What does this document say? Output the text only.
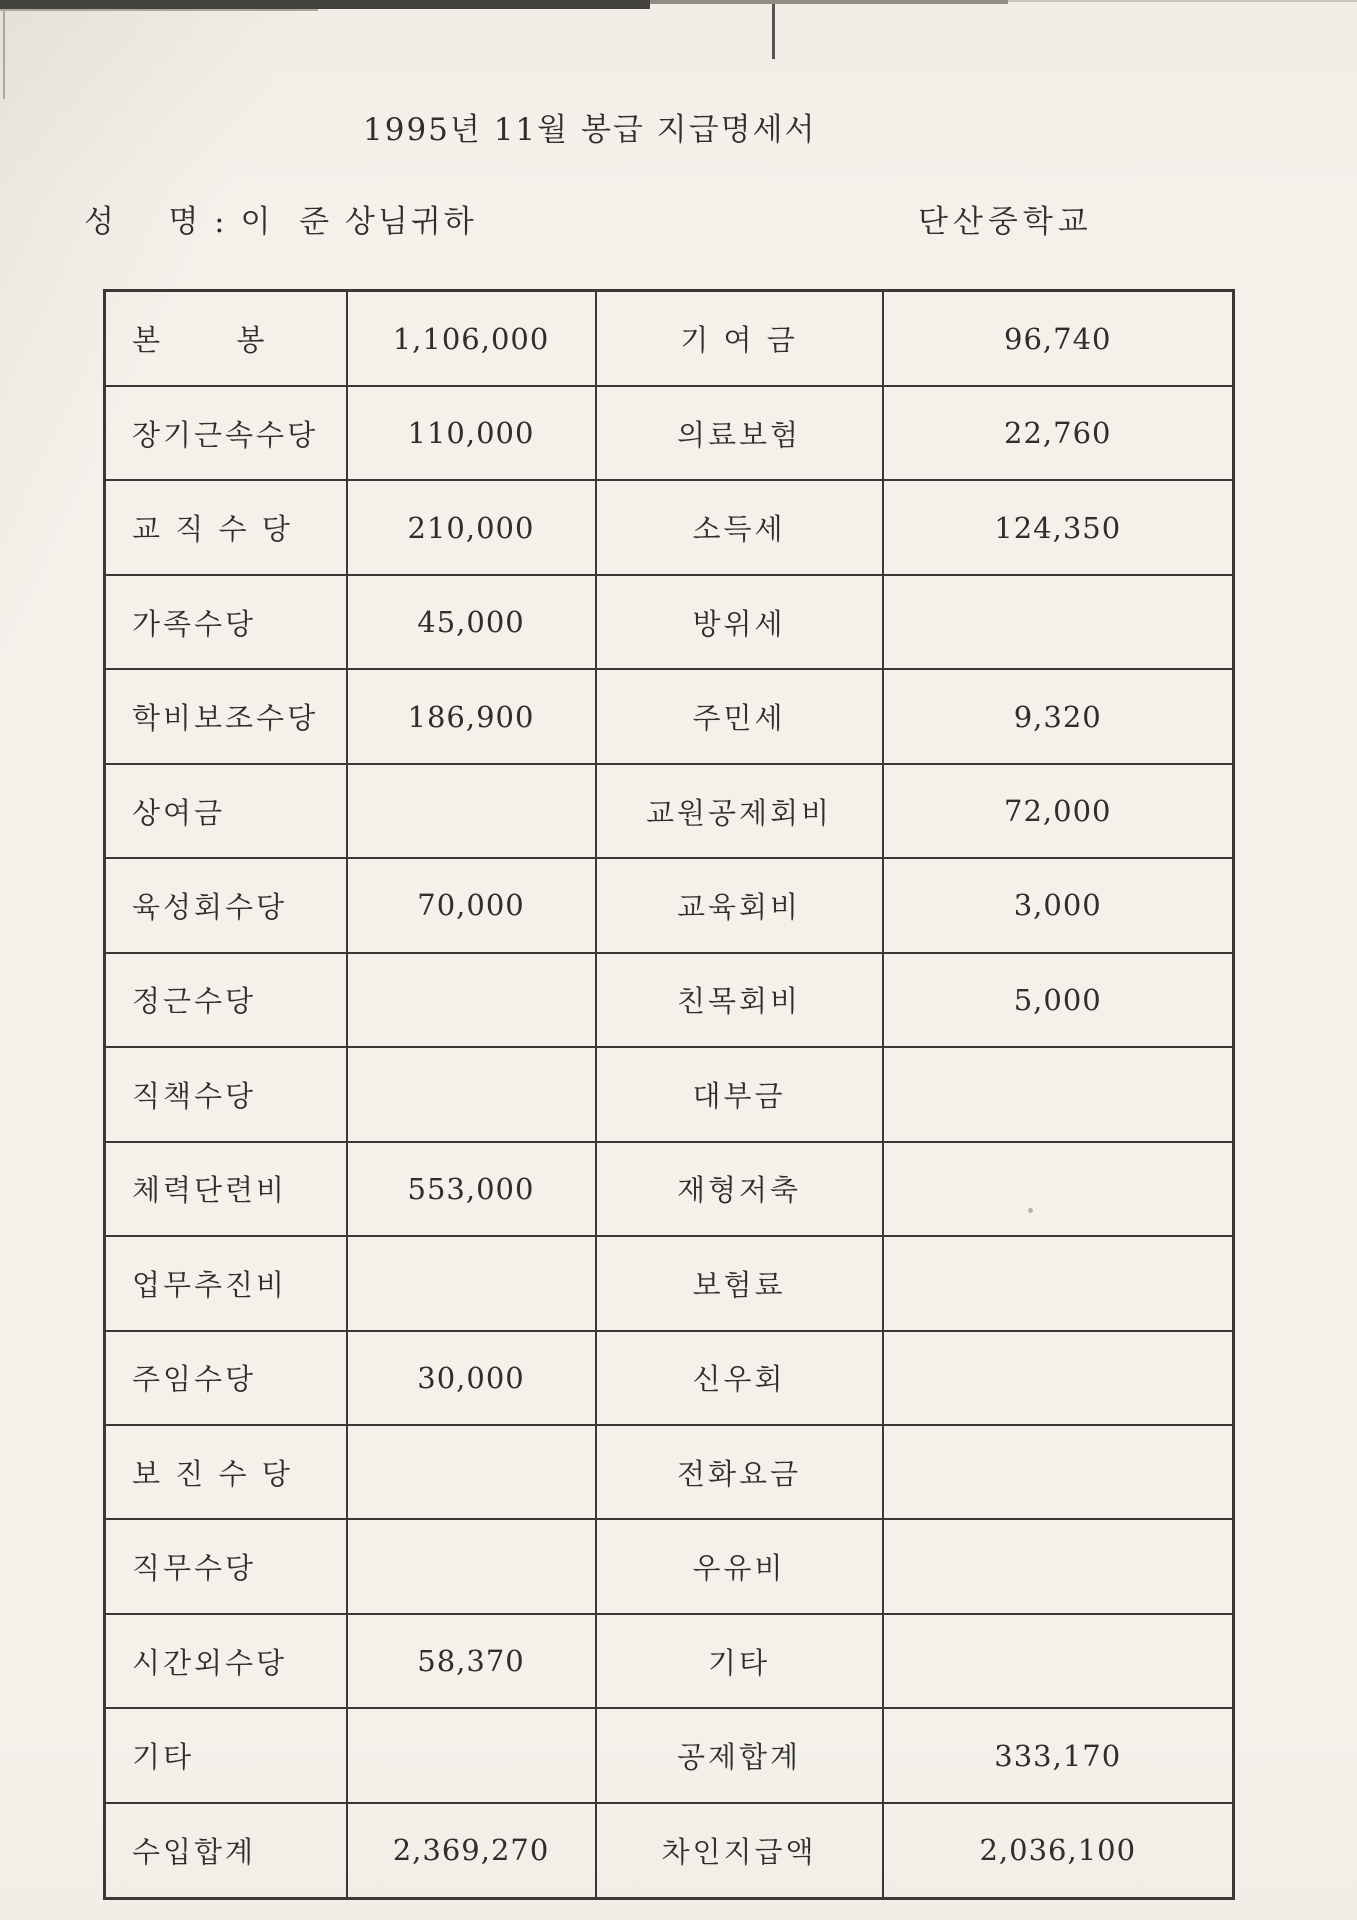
1995년 11월 봉급 지급명세서
성    명 : 이  준 상님귀하	단산중학교
본      봉	1,106,000	기 여 금	96,740
장기근속수당	110,000	의료보험	22,760
교 직 수 당	210,000	소득세	124,350
가족수당	45,000	방위세	
학비보조수당	186,900	주민세	9,320
상여금		교원공제회비	72,000
육성회수당	70,000	교육회비	3,000
정근수당		친목회비	5,000
직책수당		대부금	
체력단련비	553,000	재형저축	
업무추진비		보험료	
주임수당	30,000	신우회	
보 진 수 당		전화요금	
직무수당		우유비	
시간외수당	58,370	기타	
기타		공제합계	333,170
수입합계	2,369,270	차인지급액	2,036,100
